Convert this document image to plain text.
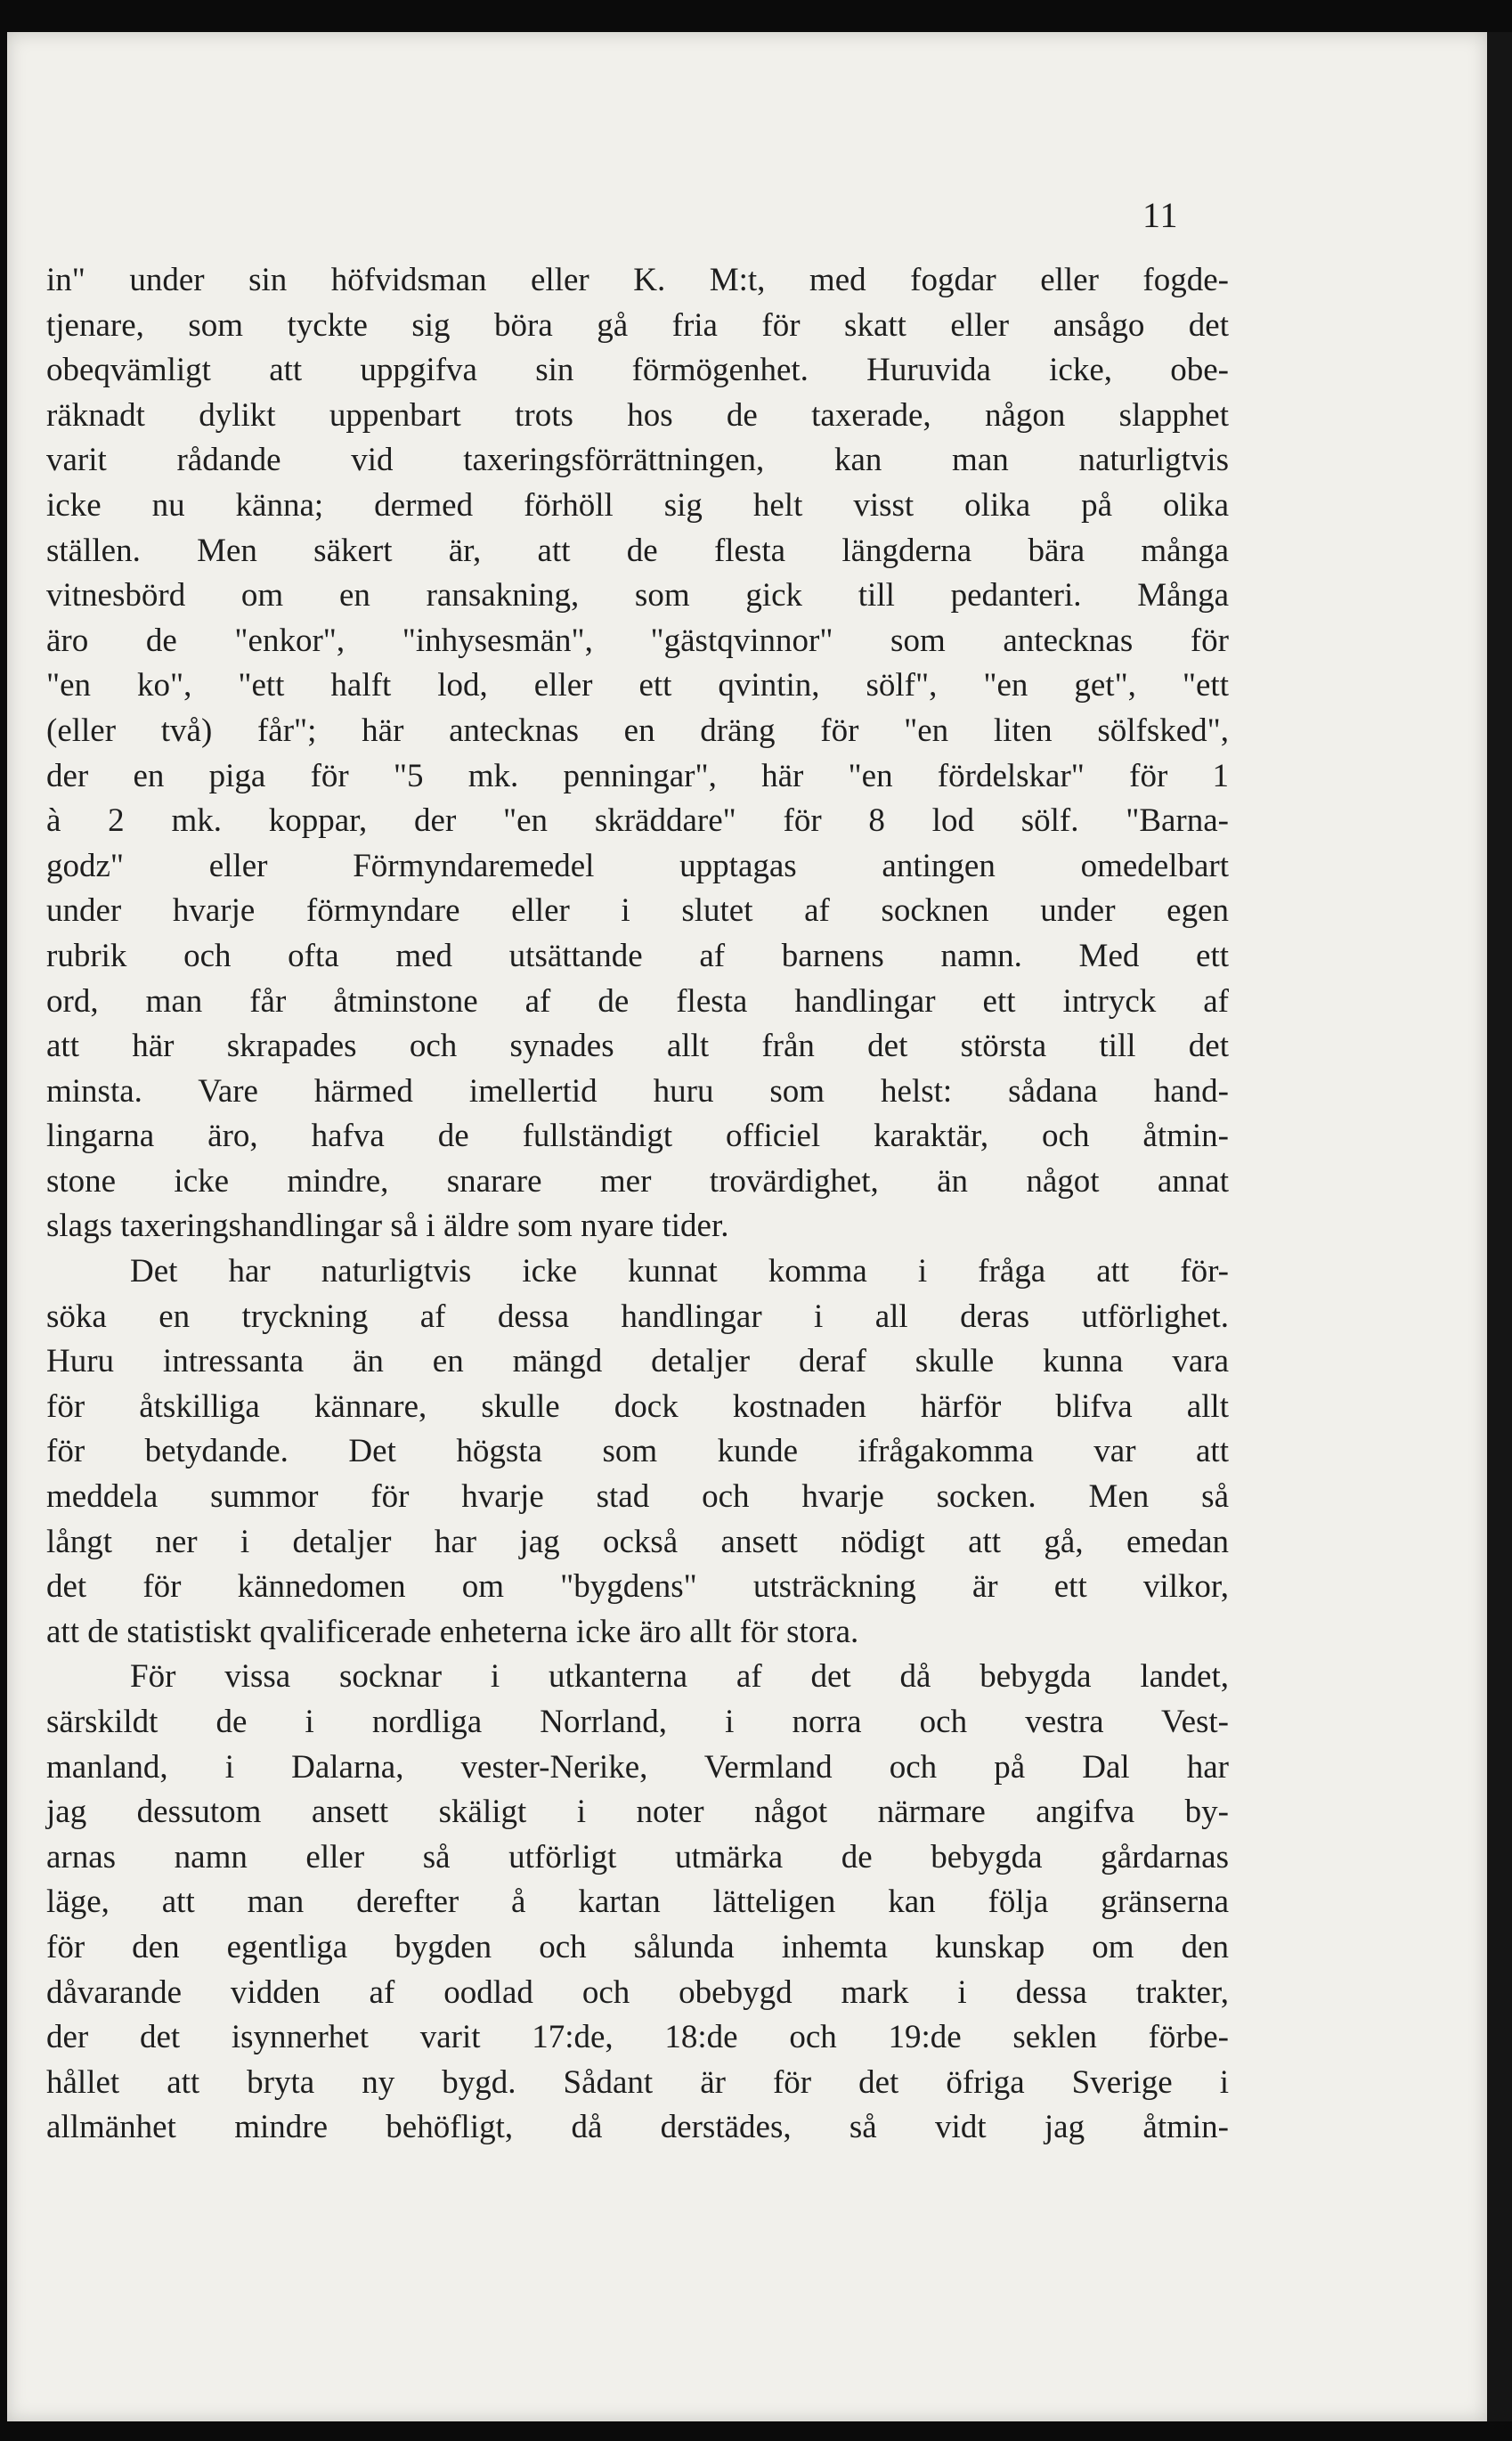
11
in" under sin höfvidsman eller K. M:t, med fogdar eller fogde-
tjenare, som tyckte sig böra gå fria för skatt eller ansågo det
obeqvämligt att uppgifva sin förmögenhet. Huruvida icke, obe-
räknadt dylikt uppenbart trots hos de taxerade, någon slapphet
varit rådande vid taxeringsförrättningen, kan man naturligtvis
icke nu känna; dermed förhöll sig helt visst olika på olika
ställen. Men säkert är, att de flesta längderna bära många
vitnesbörd om en ransakning, som gick till pedanteri. Många
äro de "enkor", "inhysesmän", "gästqvinnor" som antecknas för
"en ko", "ett halft lod, eller ett qvintin, sölf", "en get", "ett
(eller två) får"; här antecknas en dräng för "en liten sölfsked",
der en piga för "5 mk. penningar", här "en fördelskar" för 1
à 2 mk. koppar, der "en skräddare" för 8 lod sölf. "Barna-
godz" eller Förmyndaremedel upptagas antingen omedelbart
under hvarje förmyndare eller i slutet af socknen under egen
rubrik och ofta med utsättande af barnens namn. Med ett
ord, man får åtminstone af de flesta handlingar ett intryck af
att här skrapades och synades allt från det största till det
minsta. Vare härmed imellertid huru som helst: sådana hand-
lingarna äro, hafva de fullständigt officiel karaktär, och åtmin-
stone icke mindre, snarare mer trovärdighet, än något annat
slags taxeringshandlingar så i äldre som nyare tider.
Det har naturligtvis icke kunnat komma i fråga att för-
söka en tryckning af dessa handlingar i all deras utförlighet.
Huru intressanta än en mängd detaljer deraf skulle kunna vara
för åtskilliga kännare, skulle dock kostnaden härför blifva allt
för betydande. Det högsta som kunde ifrågakomma var att
meddela summor för hvarje stad och hvarje socken. Men så
långt ner i detaljer har jag också ansett nödigt att gå, emedan
det för kännedomen om "bygdens" utsträckning är ett vilkor,
att de statistiskt qvalificerade enheterna icke äro allt för stora.
För vissa socknar i utkanterna af det då bebygda landet,
särskildt de i nordliga Norrland, i norra och vestra Vest-
manland, i Dalarna, vester-Nerike, Vermland och på Dal har
jag dessutom ansett skäligt i noter något närmare angifva by-
arnas namn eller så utförligt utmärka de bebygda gårdarnas
läge, att man derefter å kartan lätteligen kan följa gränserna
för den egentliga bygden och sålunda inhemta kunskap om den
dåvarande vidden af oodlad och obebygd mark i dessa trakter,
der det isynnerhet varit 17:de, 18:de och 19:de seklen förbe-
hållet att bryta ny bygd. Sådant är för det öfriga Sverige i
allmänhet mindre behöfligt, då derstädes, så vidt jag åtmin-
